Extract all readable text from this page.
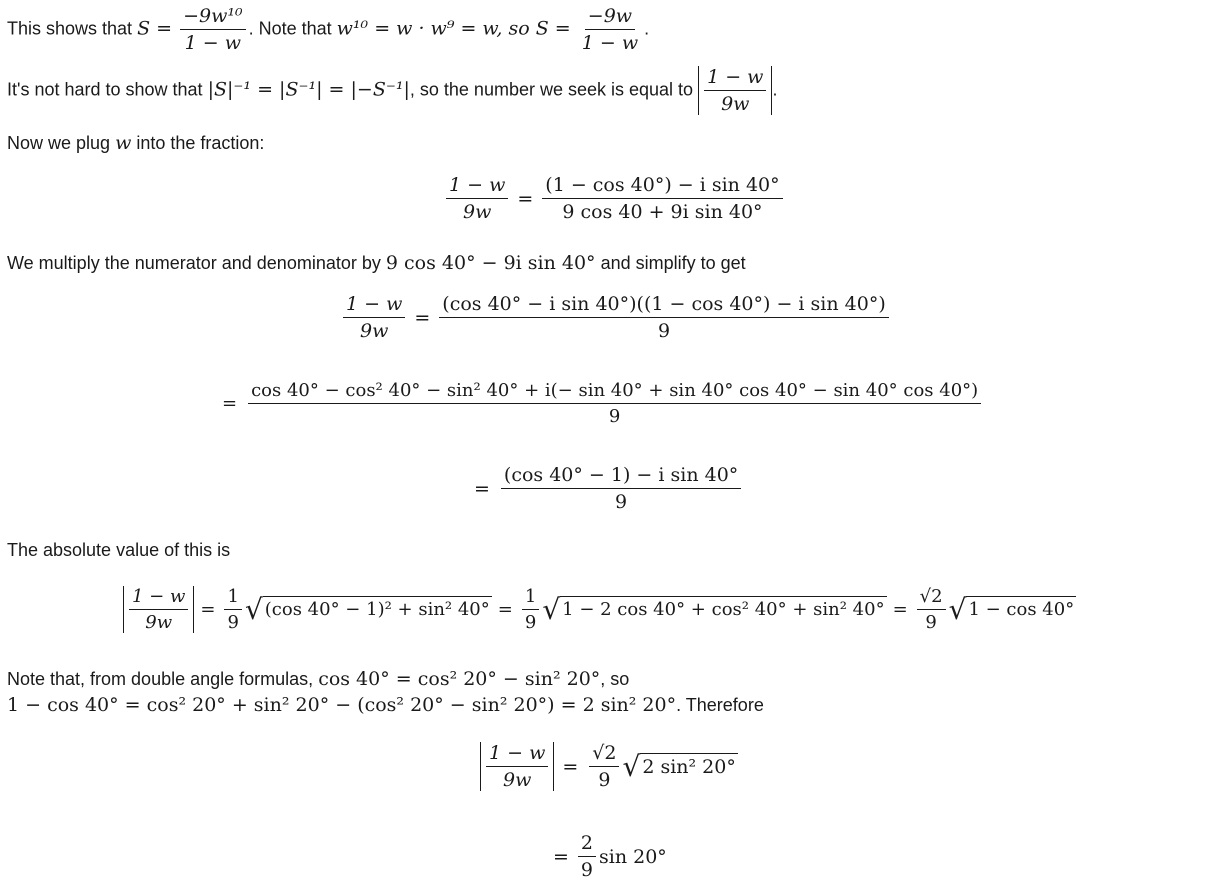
This shows that $S = \frac{\text{−9w¹⁰}}{1 - w}$ . Note that w¹⁰ = w · w⁹ = w, so $S = \frac{-9w}{1 - w}$ .
It's not hard to show that |S|⁻¹ = |S⁻¹| = |−S⁻¹|, so the number we seek is equal to $\frac{1 - w}{9w}$ .
Now we plug w into the fraction:
$\frac{1 - w}{9w} = \frac{\text{(1 − cos 40°) − i sin 40°}}{\text{9 cos 40 + 9i sin 40°}}$
We multiply the numerator and denominator by 9 cos 40° − 9i sin 40° and simplify to get
$\frac{1 - w}{9w} = \frac{\text{(cos 40° − i sin 40°)((1 − cos 40°) − i sin 40°)}}{9}$
=
cos 40° − cos² 40° − sin² 40° + i(− sin 40° + sin 40° cos 40° − sin 40° cos 40°)
9
= $\frac{\text{(cos 40° − 1) − i sin 40°}}{9}$
The absolute value of this is
$\frac{1 - w}{9w} = \frac{1}{9}$ √ (cos 40° − 1)² + sin² $40^\circ = \frac{1}{9}$ √ 1 − 2 cos 40° + cos² 40° + sin² $40^\circ = \frac{√2}{9}$ √ 1 − cos 40°
Note that, from double angle formulas, cos 40° = cos² 20° − sin² 20°, so
1 − cos 40° = cos² 20° + sin² 20° − (cos² 20° − sin² 20°) = 2 sin² 20°. Therefore
$\frac{1 - w}{9w} = \frac{√2}{9}$ √ 2 sin² 20°
= $\frac{2}{9}$ sin 20°
